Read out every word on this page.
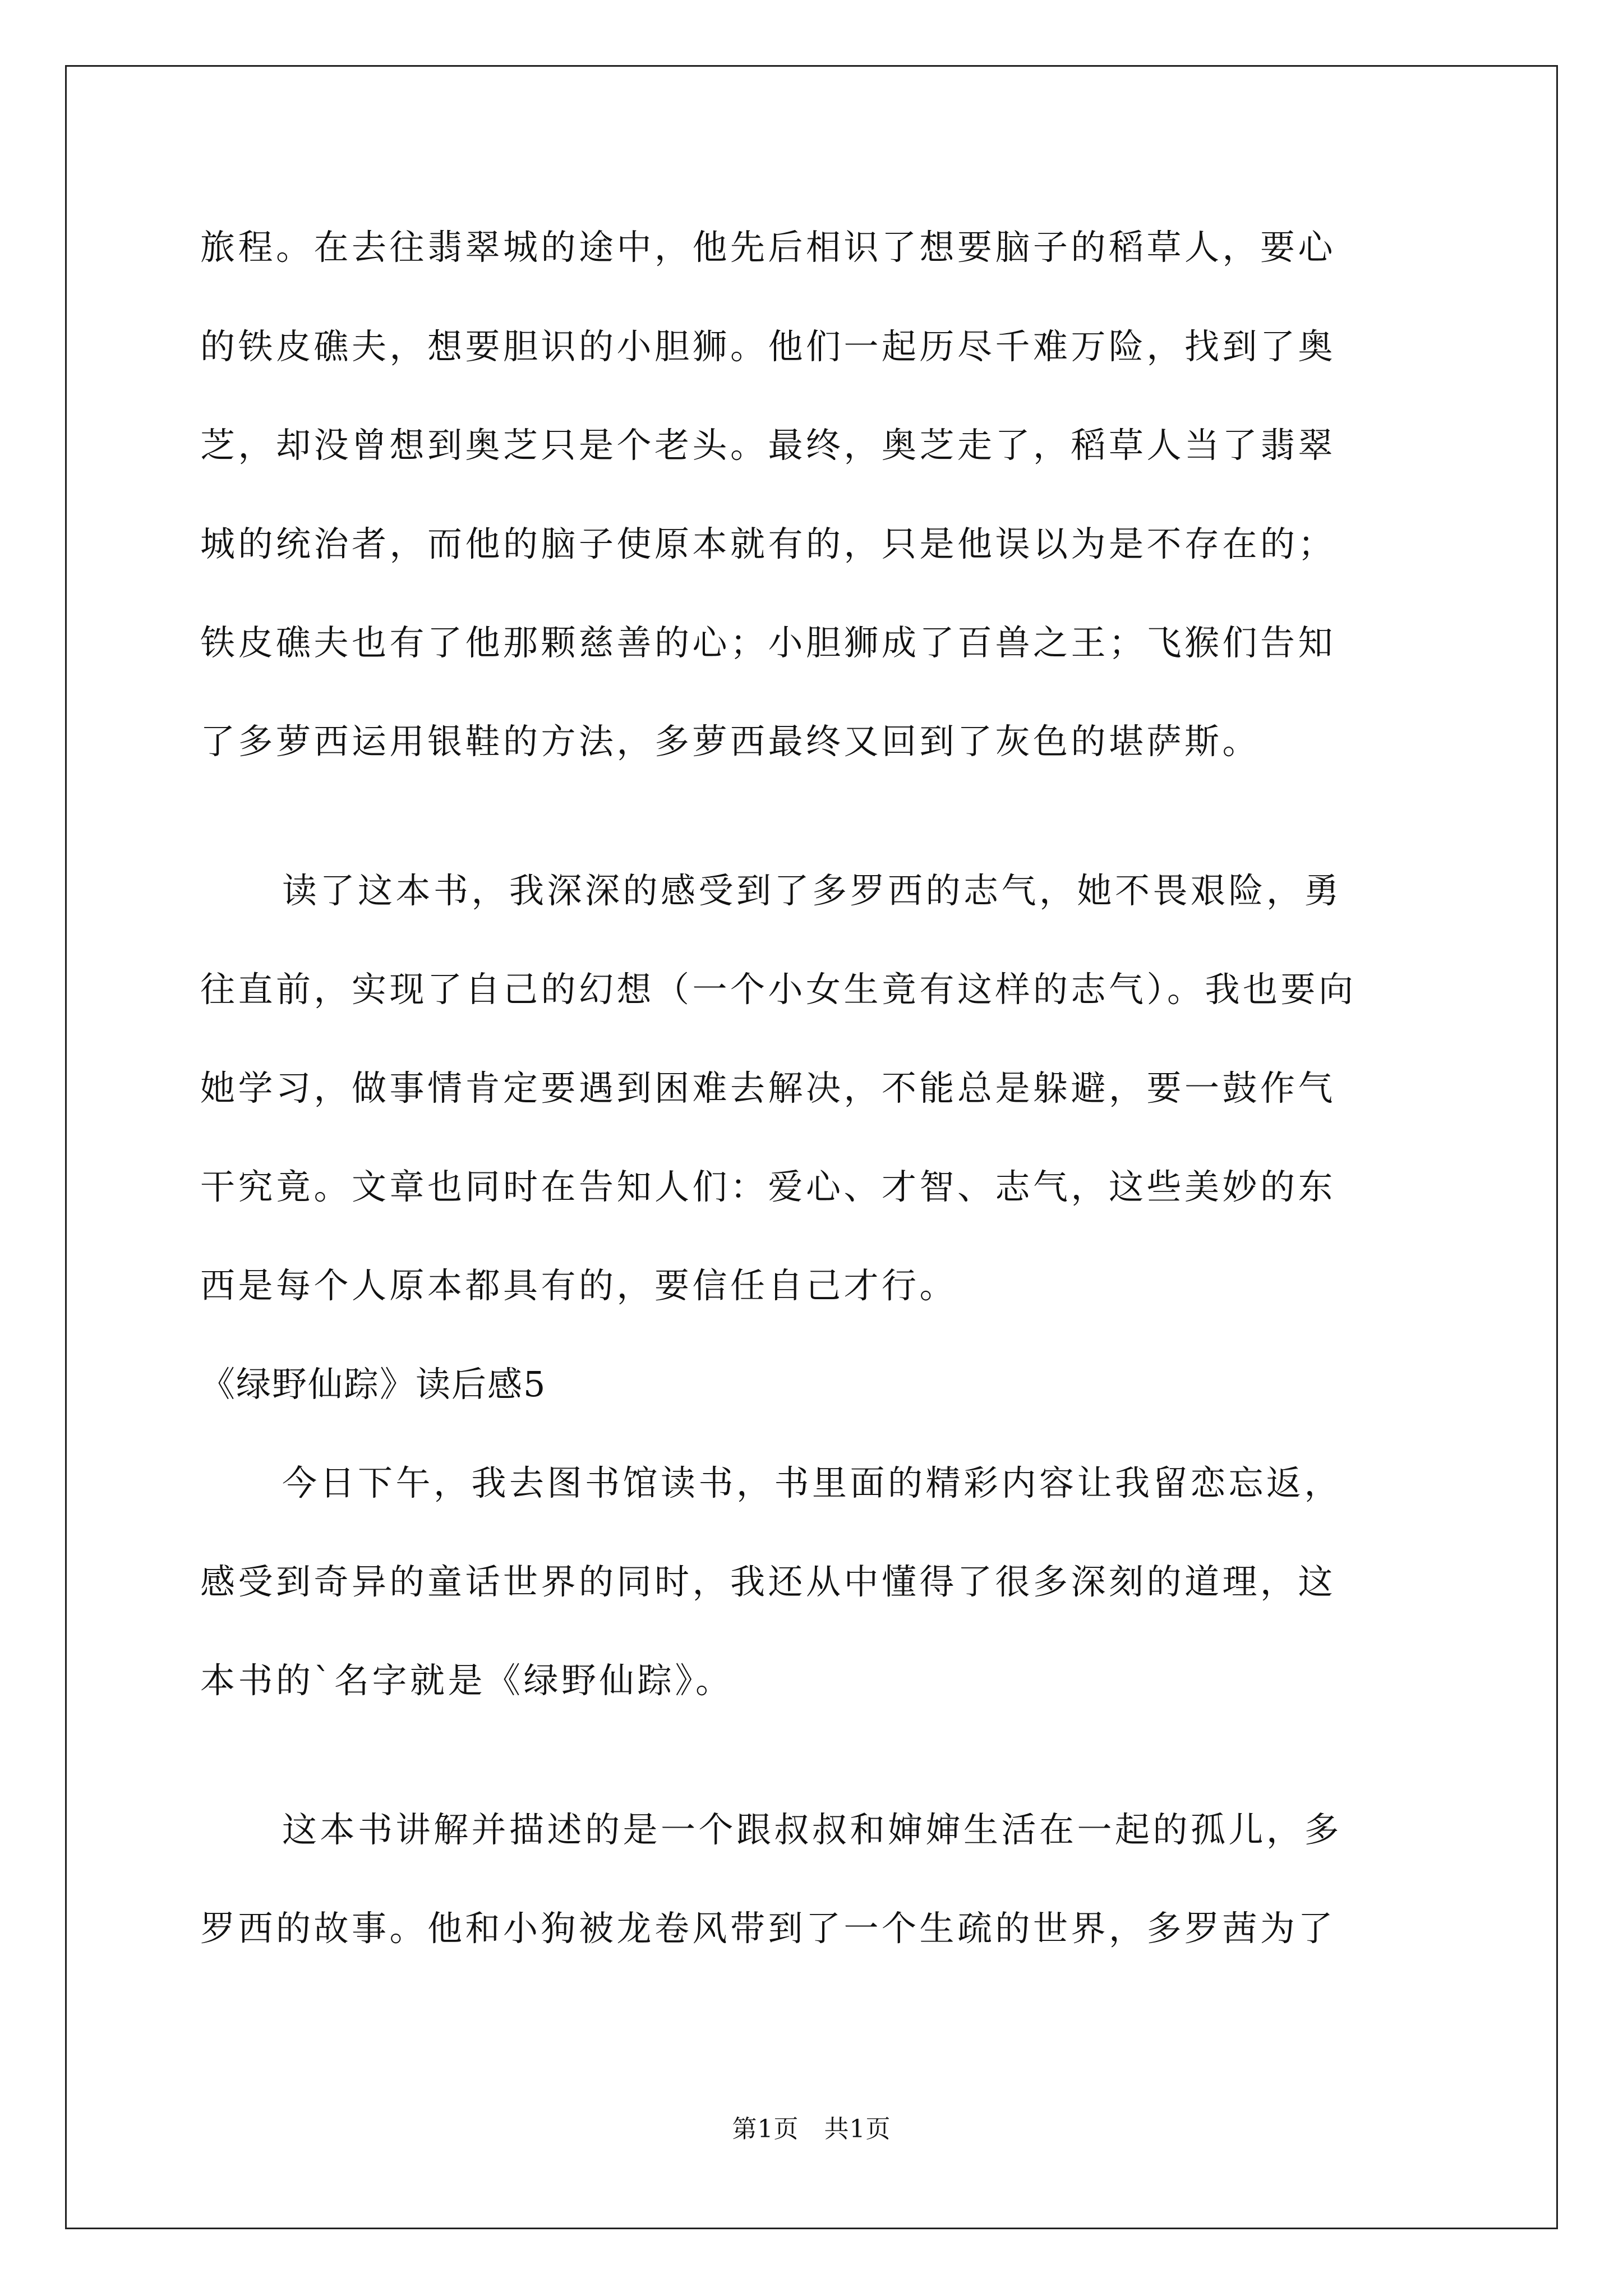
旅程。在去往翡翠城的途中，他先后相识了想要脑子的稻草人，要心
的铁皮礁夫，想要胆识的小胆狮。他们一起历尽千难万险，找到了奥
芝，却没曾想到奥芝只是个老头。最终，奥芝走了，稻草人当了翡翠
城的统治者，而他的脑子使原本就有的，只是他误以为是不存在的；
铁皮礁夫也有了他那颗慈善的心；小胆狮成了百兽之王；飞猴们告知
了多萝西运用银鞋的方法，多萝西最终又回到了灰色的堪萨斯。
读了这本书，我深深的感受到了多罗西的志气，她不畏艰险，勇
往直前，实现了自己的幻想（一个小女生竟有这样的志气）。我也要向
她学习，做事情肯定要遇到困难去解决，不能总是躲避，要一鼓作气
干究竟。文章也同时在告知人们：爱心、才智、志气，这些美妙的东
西是每个人原本都具有的，要信任自己才行。
《绿野仙踪》读后感5
今日下午，我去图书馆读书，书里面的精彩内容让我留恋忘返，
感受到奇异的童话世界的同时，我还从中懂得了很多深刻的道理，这
本书的`名字就是《绿野仙踪》。
这本书讲解并描述的是一个跟叔叔和婶婶生活在一起的孤儿，多
罗西的故事。他和小狗被龙卷风带到了一个生疏的世界，多罗茜为了
第1页   共1页
